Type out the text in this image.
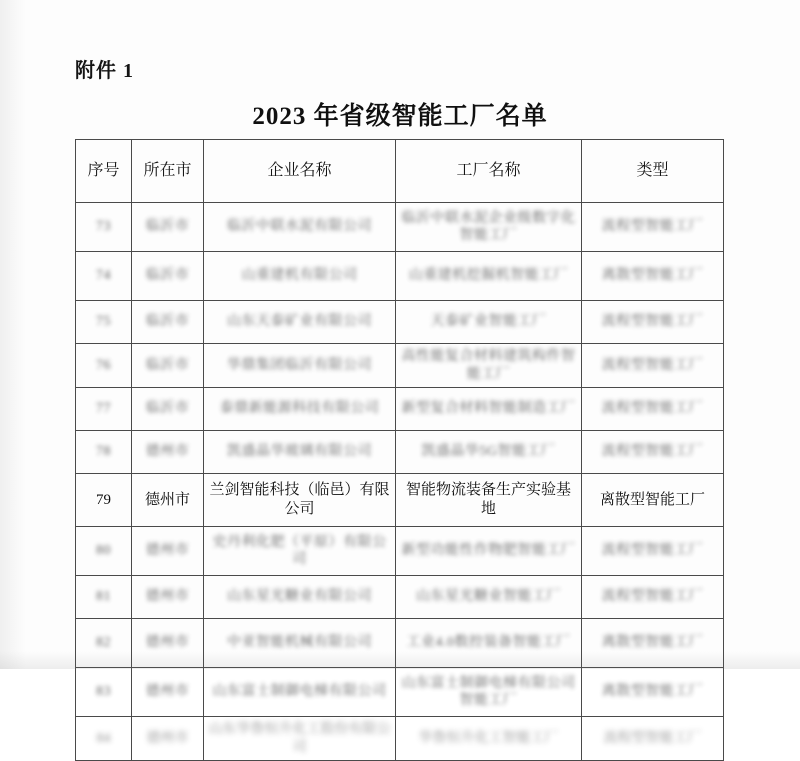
附件 1
2023 年省级智能工厂名单
序号	所在市	企业名称	工厂名称	类型
73	临沂市	临沂中联水泥有限公司	临沂中联水泥企业级数字化智能工厂	流程型智能工厂
74	临沂市	山重建机有限公司	山重建机挖掘机智能工厂	离散型智能工厂
75	临沂市	山东天泰矿业有限公司	天泰矿业智能工厂	流程型智能工厂
76	临沂市	华鼎集团临沂有限公司	高性能复合材料建筑构件智能工厂	流程型智能工厂
77	临沂市	泰鼎新能源科技有限公司	新型复合材料智能制造工厂	流程型智能工厂
78	德州市	凯盛晶华玻璃有限公司	凯盛晶华5G智能工厂	流程型智能工厂
79	德州市	兰剑智能科技（临邑）有限公司	智能物流装备生产实验基地	离散型智能工厂
80	德州市	史丹利化肥（平原）有限公司	新型功能性作物肥智能工厂	流程型智能工厂
81	德州市	山东星光糖业有限公司	山东星光糖业智能工厂	流程型智能工厂
82	德州市	中亚智能机械有限公司	工业4.0数控装备智能工厂	离散型智能工厂
83	德州市	山东富士制御电梯有限公司	山东富士制御电梯有限公司智能工厂	离散型智能工厂
84	德州市	山东华鲁恒升化工股份有限公司	华鲁恒升化工智能工厂	流程型智能工厂
